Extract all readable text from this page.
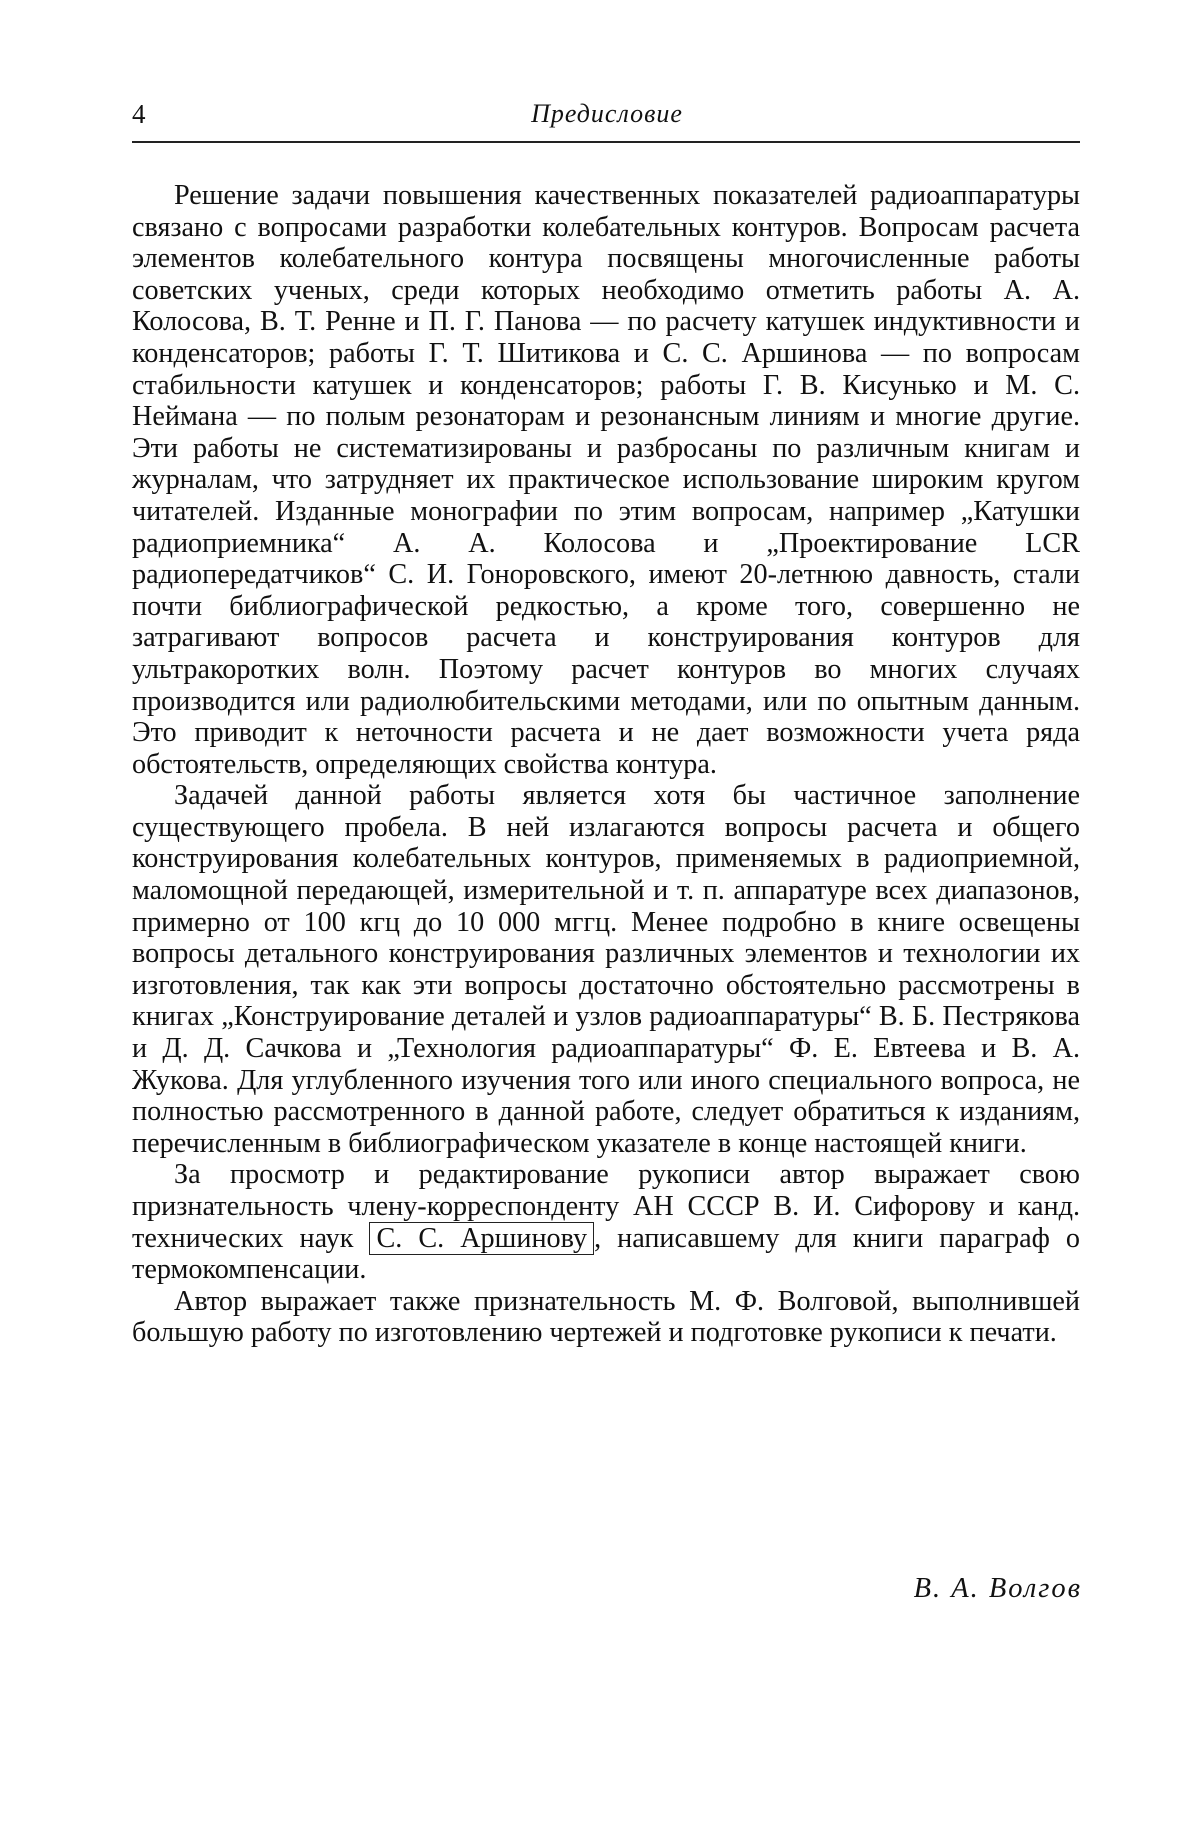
4	Предисловие

Решение задачи повышения качественных показателей радиоаппаратуры связано с вопросами разработки колебательных контуров. Вопросам расчета элементов колебательного контура посвящены многочисленные работы советских ученых, среди которых необходимо отметить работы А. А. Колосова, В. Т. Ренне и П. Г. Панова — по расчету катушек индуктивности и конденсаторов; работы Г. Т. Шитикова и С. С. Аршинова — по вопросам стабильности катушек и конденсаторов; работы Г. В. Кисунько и М. С. Неймана — по полым резонаторам и резонансным линиям и многие другие. Эти работы не систематизированы и разбросаны по различным книгам и журналам, что затрудняет их практическое использование широким кругом читателей. Изданные монографии по этим вопросам, например „Катушки радиоприемника“ А. А. Колосова и „Проектирование LCR радиопередатчиков“ С. И. Гоноровского, имеют 20-летнюю давность, стали почти библиографической редкостью, а кроме того, совершенно не затрагивают вопросов расчета и конструирования контуров для ультракоротких волн. Поэтому расчет контуров во многих случаях производится или радиолюбительскими методами, или по опытным данным. Это приводит к неточности расчета и не дает возможности учета ряда обстоятельств, определяющих свойства контура.

Задачей данной работы является хотя бы частичное заполнение существующего пробела. В ней излагаются вопросы расчета и общего конструирования колебательных контуров, применяемых в радиоприемной, маломощной передающей, измерительной и т. п. аппаратуре всех диапазонов, примерно от 100 кгц до 10 000 мггц. Менее подробно в книге освещены вопросы детального конструирования различных элементов и технологии их изготовления, так как эти вопросы достаточно обстоятельно рассмотрены в книгах „Конструирование деталей и узлов радиоаппаратуры“ В. Б. Пестрякова и Д. Д. Сачкова и „Технология радиоаппаратуры“ Ф. Е. Евтеева и В. А. Жукова. Для углубленного изучения того или иного специального вопроса, не полностью рассмотренного в данной работе, следует обратиться к изданиям, перечисленным в библиографическом указателе в конце настоящей книги.

За просмотр и редактирование рукописи автор выражает свою признательность члену-корреспонденту АН СССР В. И. Сифорову и канд. технических наук С. С. Аршинову , написавшему для книги параграф о термокомпенсации.

Автор выражает также признательность М. Ф. Волговой, выполнившей большую работу по изготовлению чертежей и подготовке рукописи к печати.

В. А. Волгов
